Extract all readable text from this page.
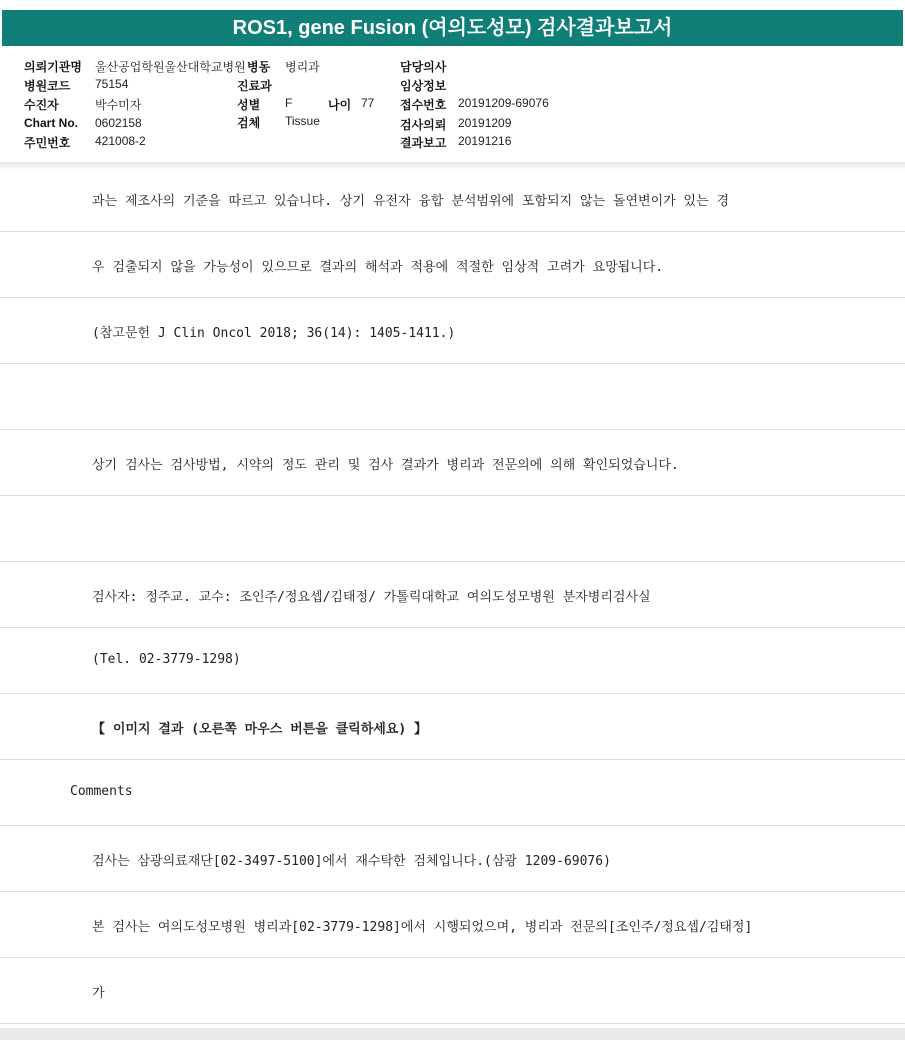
ROS1, gene Fusion (여의도성모) 검사결과보고서
의뢰기관명 울산공업학원울산대학교병원 병동 병리과	담당의사
병원코드 75154	진료과	임상정보
수진자	박수미자	성별 F	나이 77 접수번호 20191209-69076
Chart No. 0602158	검체 Tissue	검사의뢰 20191209
주민번호 421008-2	결과보고 20191216
과는 제조사의 기준을 따르고 있습니다. 상기 유전자 융합 분석범위에 포함되지 않는 돌연변이가 있는 경
우 검출되지 않을 가능성이 있으므로 결과의 해석과 적용에 적절한 임상적 고려가 요망됩니다.
(참고문헌 J Clin Oncol 2018; 36(14): 1405-1411.)
상기 검사는 검사방법, 시약의 정도 관리 및 검사 결과가 병리과 전문의에 의해 확인되었습니다.
검사자: 정주교. 교수: 조인주/정요셉/김태정/ 가톨릭대학교 여의도성모병원 분자병리검사실
(Tel. 02-3779-1298)
【 이미지 결과 (오른쪽 마우스 버튼을 클릭하세요) 】
Comments
검사는 삼광의료재단[02-3497-5100]에서 재수탁한 검체입니다.(삼광 1209-69076)
본 검사는 여의도성모병원 병리과[02-3779-1298]에서 시행되었으며, 병리과 전문의[조인주/정요셉/김태정]
가
